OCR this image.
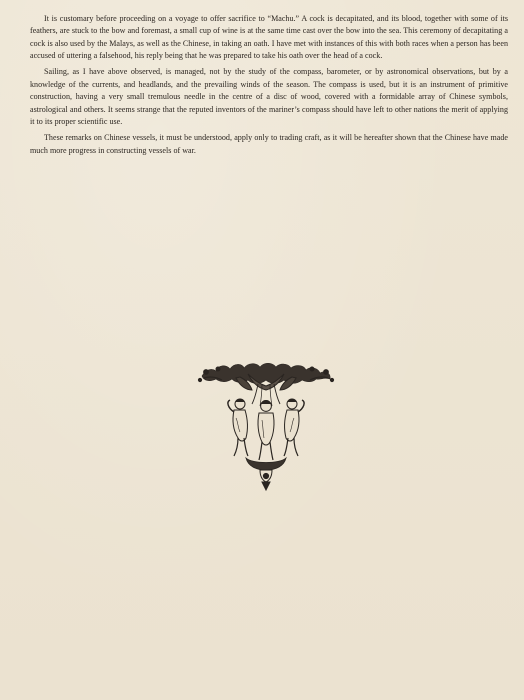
It is customary before proceeding on a voyage to offer sacrifice to “Machu.” A cock is decapitated, and its blood, together with some of its feathers, are stuck to the bow and foremast, a small cup of wine is at the same time cast over the bow into the sea. This ceremony of decapitating a cock is also used by the Malays, as well as the Chinese, in taking an oath. I have met with instances of this with both races when a person has been accused of uttering a falsehood, his reply being that he was prepared to take his oath over the head of a cock.

Sailing, as I have above observed, is managed, not by the study of the compass, barometer, or by astronomical observations, but by a knowledge of the currents, and headlands, and the prevailing winds of the season. The compass is used, but it is an instrument of primitive construction, having a very small tremulous needle in the centre of a disc of wood, covered with a formidable array of Chinese symbols, astrological and others. It seems strange that the reputed inventors of the mariner’s compass should have left to other nations the merit of applying it to its proper scientific use.

These remarks on Chinese vessels, it must be understood, apply only to trading craft, as it will be hereafter shown that the Chinese have made much more progress in constructing vessels of war.
